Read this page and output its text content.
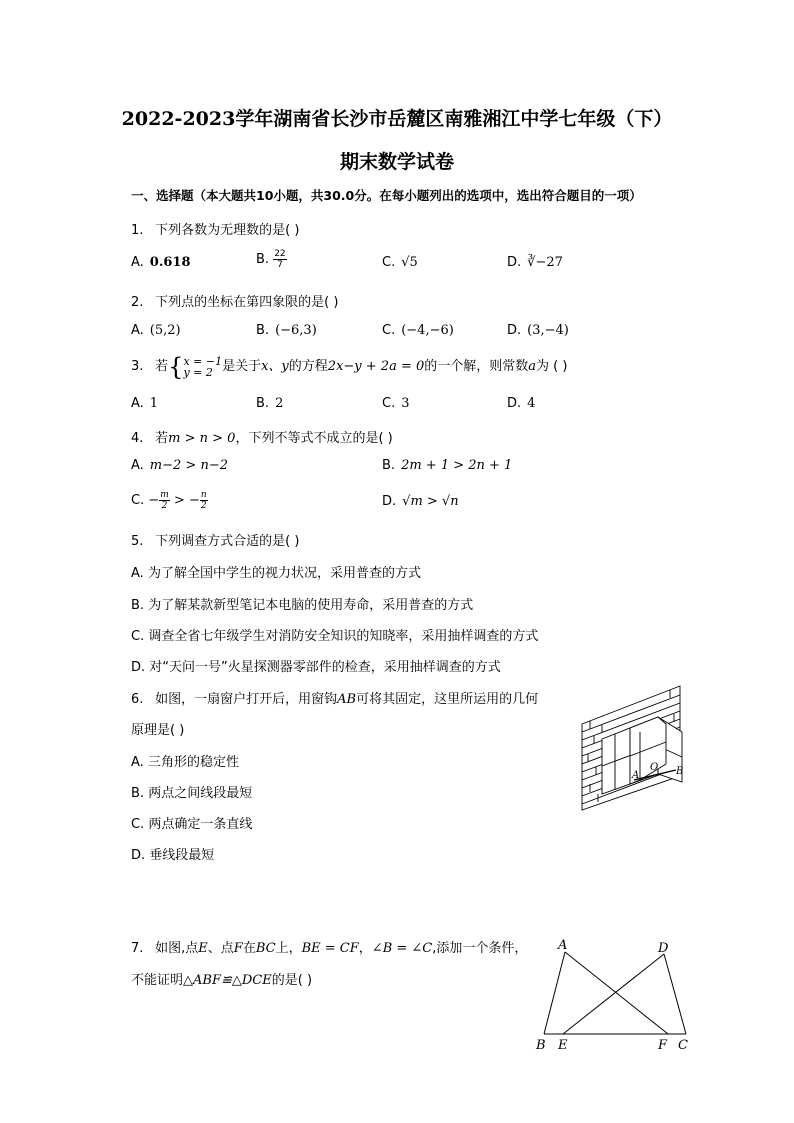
2022-2023学年湖南省长沙市岳麓区南雅湘江中学七年级（下）
期末数学试卷
一、选择题（本大题共10小题，共30.0分。在每小题列出的选项中，选出符合题目的一项）
1. 下列各数为无理数的是( )
A. 0.618	B. $\frac{22}{7}$	C. √5	D. ∛−27
2. 下列点的坐标在第四象限的是( )
A. (5,2)	B. (−6,3)	C. (−4,−6)	D. (3,−4)
3. 若{ x = −1
y = 2 是关于x、y的方程2x−y + 2a = 0的一个解，则常数a为 ( )
A. 1	B. 2	C. 3	D. 4
4. 若m > n > 0，下列不等式不成立的是( )
A. m−2 > n−2	B. 2m + 1 > 2n + 1
C. − $\frac{m}{2}$ > − $\frac{n}{2}$	D. √m > √n
5. 下列调查方式合适的是( )
A. 为了解全国中学生的视力状况，采用普查的方式
B. 为了解某款新型笔记本电脑的使用寿命，采用普查的方式
C. 调查全省七年级学生对消防安全知识的知晓率，采用抽样调查的方式
D. 对“天问一号”火星探测器零部件的检查，采用抽样调查的方式
6. 如图，一扇窗户打开后，用窗钩AB可将其固定，这里所运用的几何
原理是( )
A. 三角形的稳定性
B. 两点之间线段最短
C. 两点确定一条直线
D. 垂线段最短
A
O B
7. 如图,点E、点F在BC上，BE = CF，∠B = ∠C,添加一个条件，
不能证明△ABF≌△DCE的是( )
A	D
B E	F C
